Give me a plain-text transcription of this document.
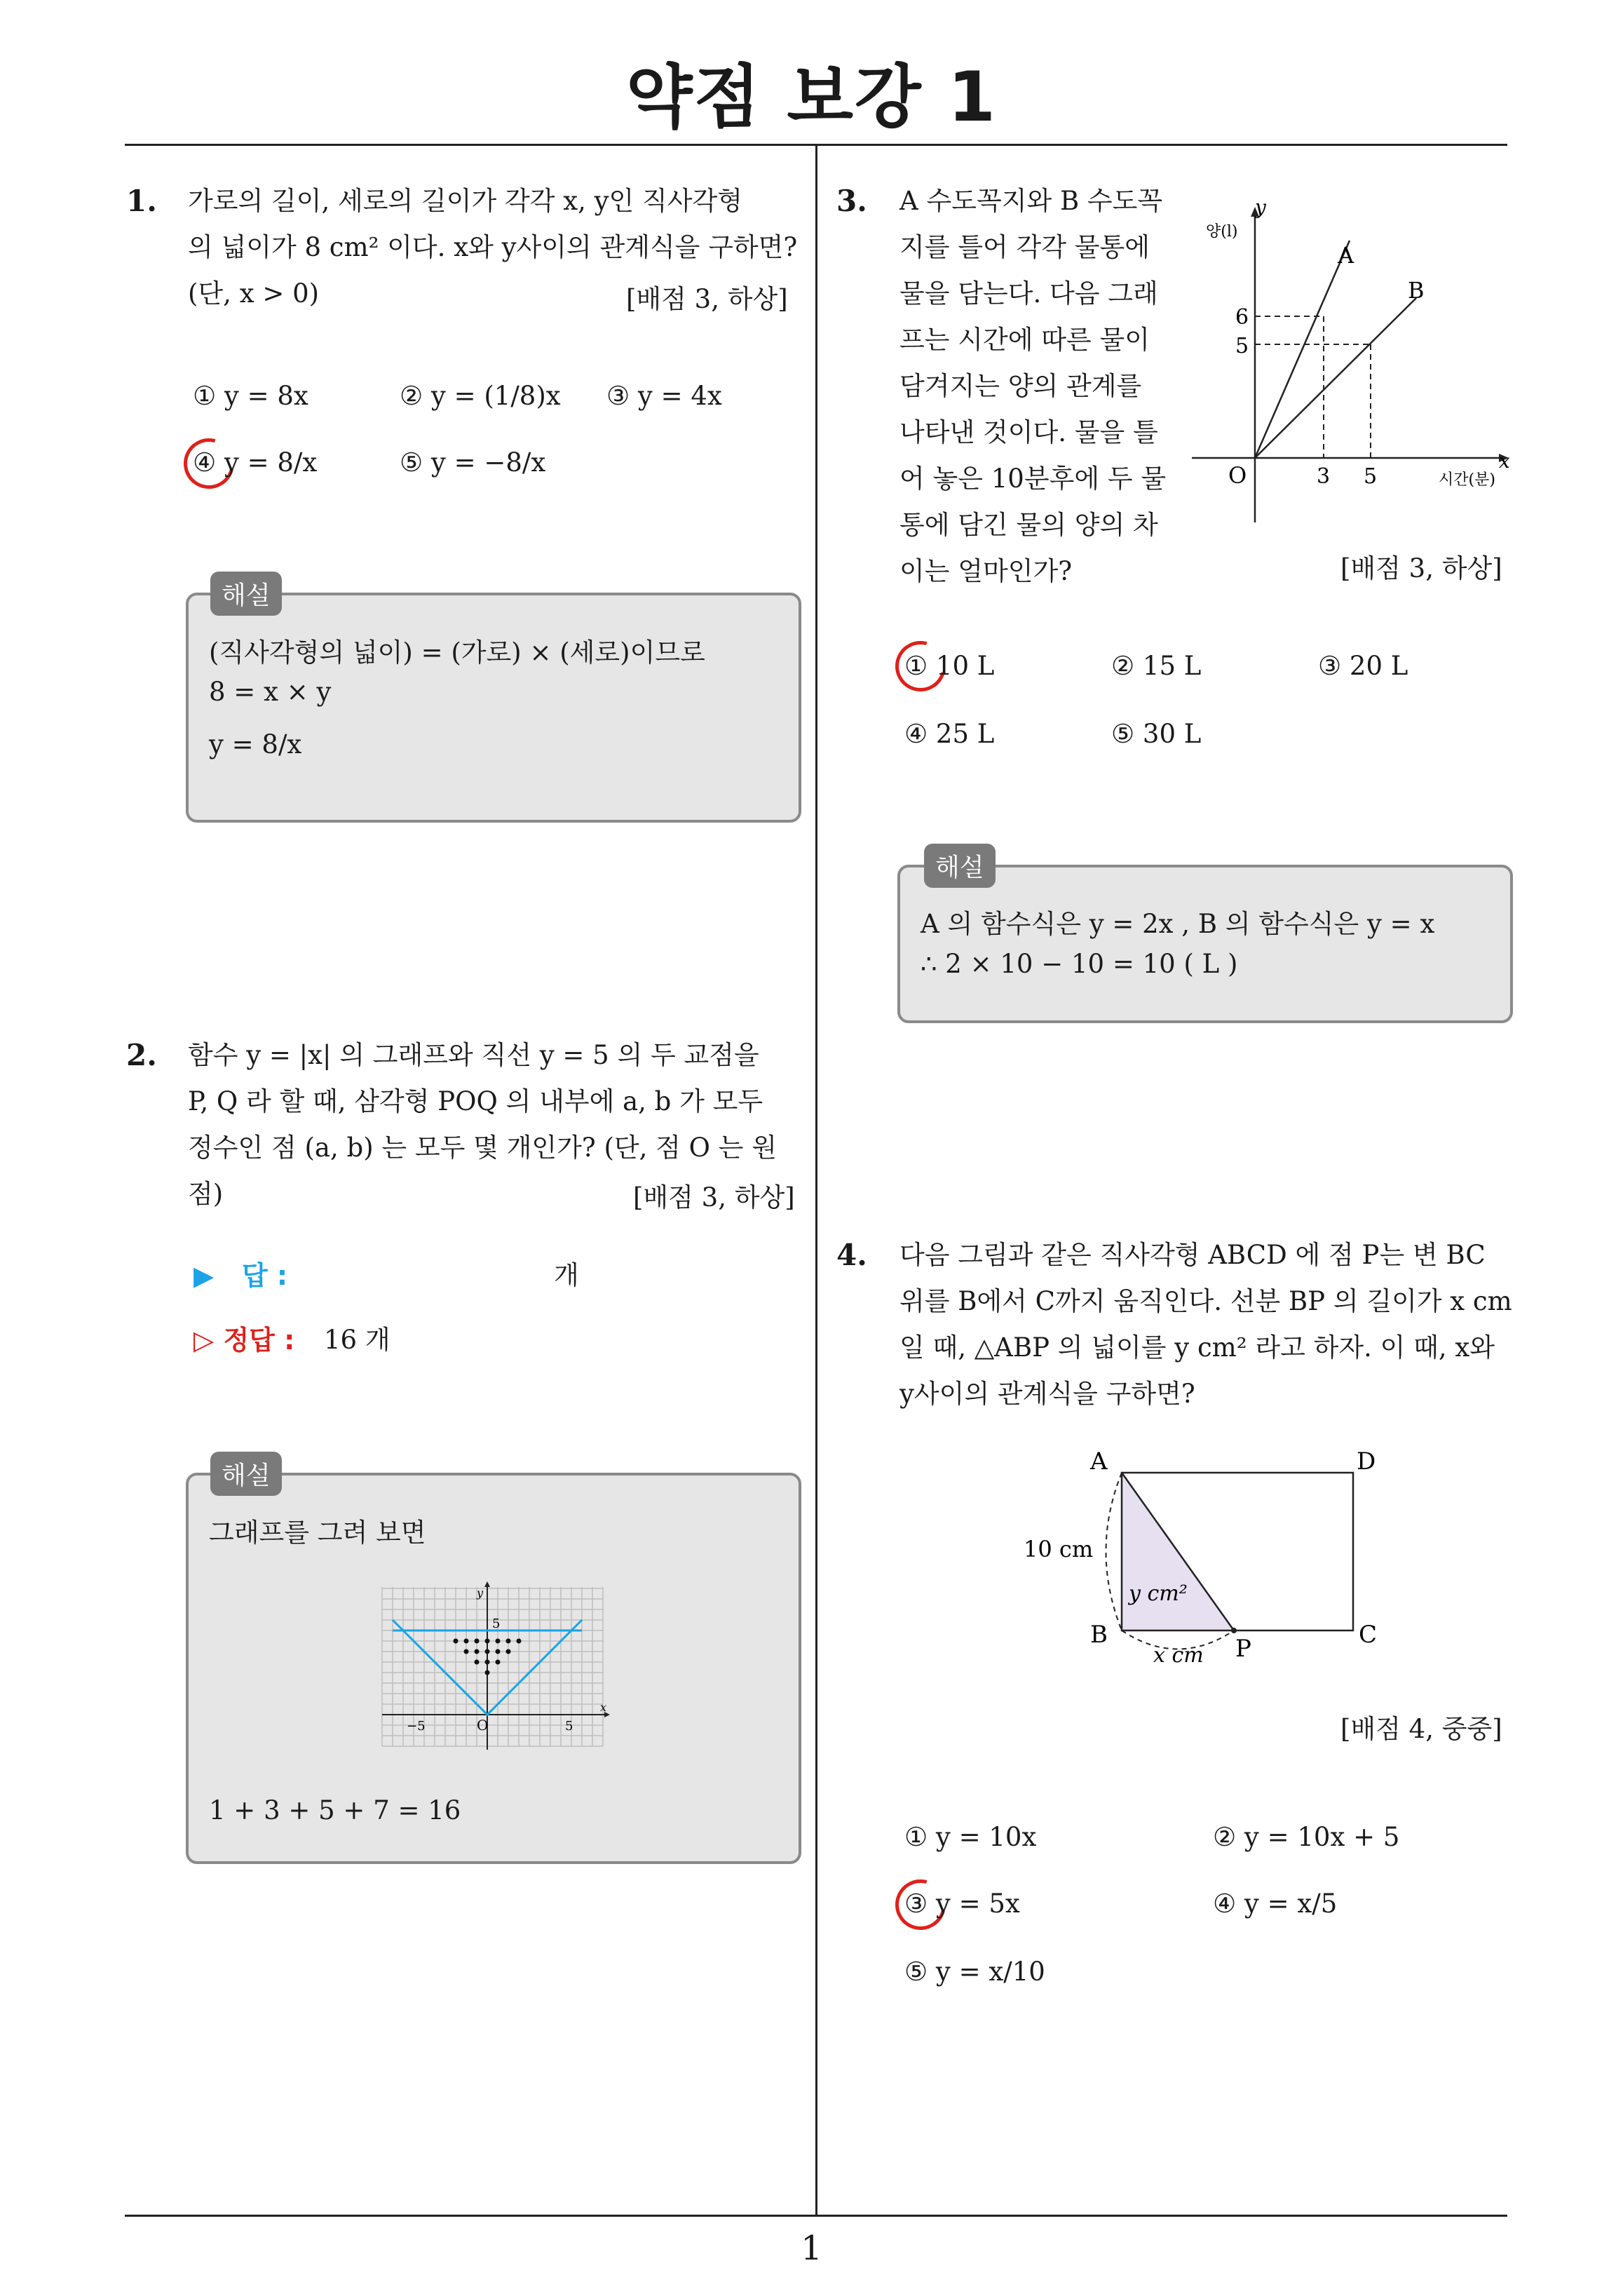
약점 보강 1
1
1. 가로의 길이, 세로의 길이가 각각 x, y인 직사각형
의 넓이가 8 cm² 이다. x와 y사이의 관계식을 구하면?
(단, x > 0)	[배점 3, 하상]
① y = 8x	② y = (1/8)x ③ y = 4x
④ y = 8/x	⑤ y = −8/x
해설
(직사각형의 넓이) = (가로) × (세로)이므로
8 = x × y
y = 8/x
2. 함수 y = |x| 의 그래프와 직선 y = 5 의 두 교점을
P, Q 라 할 때, 삼각형 POQ 의 내부에 a, b 가 모두
정수인 점 (a, b) 는 모두 몇 개인가? (단, 점 O 는 원
점)	[배점 3, 하상]
▶ 답 :	개
▷ 정답 : 16 개
해설
그래프를 그려 보면
1 + 3 + 5 + 7 = 16
y
x
5
−5	O	5
3. A 수도꼭지와 B 수도꼭
지를 틀어 각각 물통에
물을 담는다. 다음 그래
프는 시간에 따른 물이
담겨지는 양의 관계를
나타낸 것이다. 물을 틀
어 놓은 10분후에 두 물
통에 담긴 물의 양의 차
이는 얼마인가?	[배점 3, 하상]
y
양(l)
A
B
6
5
O	3 5
x
시간(분)
① 10 L	② 15 L	③ 20 L
④ 25 L	⑤ 30 L
해설
A 의 함수식은 y = 2x , B 의 함수식은 y = x
∴ 2 × 10 − 10 = 10 ( L )
4. 다음 그림과 같은 직사각형 ABCD 에 점 P는 변 BC
위를 B에서 C까지 움직인다. 선분 BP 의 길이가 x cm
일 때, △ABP 의 넓이를 y cm² 라고 하자. 이 때, x와
y사이의 관계식을 구하면?
A	D
B	C
P
10 cm
y cm²
x cm
[배점 4, 중중]
① y = 10x	② y = 10x + 5
③ y = 5x	④ y = x/5
⑤ y = x/10
